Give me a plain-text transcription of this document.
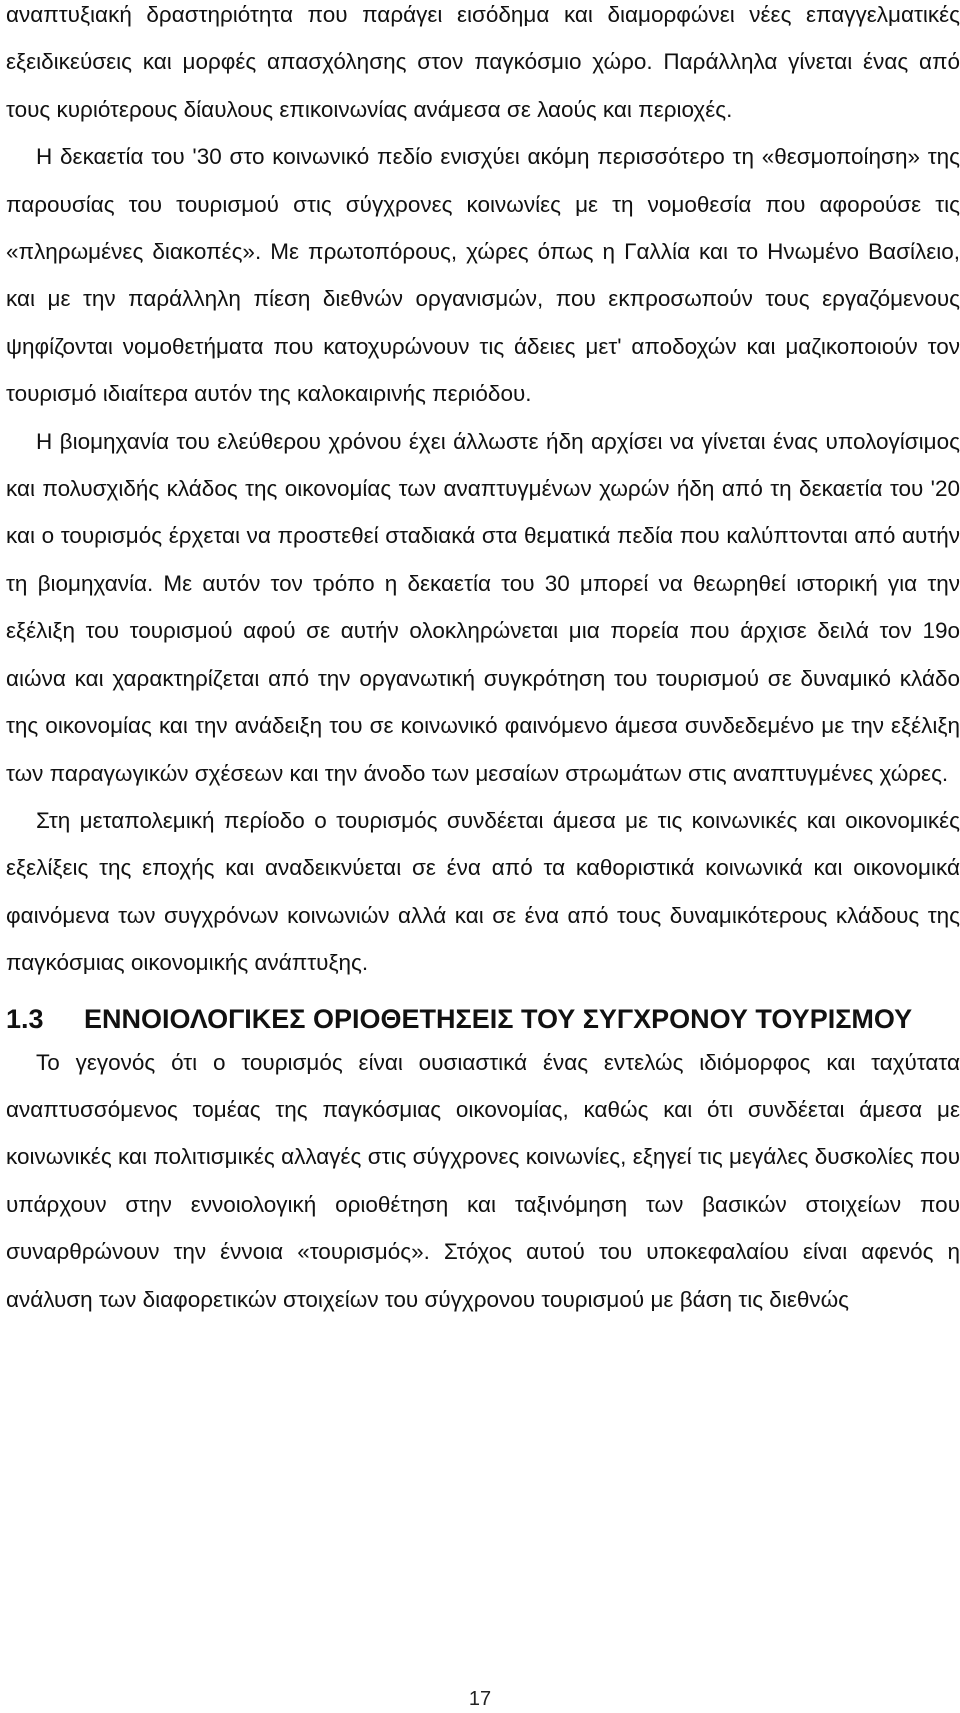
αναπτυξιακή δραστηριότητα που παράγει εισόδημα και διαμορφώνει νέες επαγγελματικές εξειδικεύσεις και μορφές απασχόλησης στον παγκόσμιο χώρο. Παράλληλα γίνεται ένας από τους κυριότερους δίαυλους επικοινωνίας ανάμεσα σε λαούς και περιοχές.

Η δεκαετία του '30 στο κοινωνικό πεδίο ενισχύει ακόμη περισσότερο τη «θεσμοποίηση» της παρουσίας του τουρισμού στις σύγχρονες κοινωνίες με τη νομοθεσία που αφορούσε τις «πληρωμένες διακοπές». Με πρωτοπόρους, χώρες όπως η Γαλλία και το Ηνωμένο Βασίλειο, και με την παράλληλη πίεση διεθνών οργανισμών, που εκπροσωπούν τους εργαζόμενους ψηφίζονται νομοθετήματα που κατοχυρώνουν τις άδειες μετ' αποδοχών και μαζικοποιούν τον τουρισμό ιδιαίτερα αυτόν της καλοκαιρινής περιόδου.

Η βιομηχανία του ελεύθερου χρόνου έχει άλλωστε ήδη αρχίσει να γίνεται ένας υπολογίσιμος και πολυσχιδής κλάδος της οικονομίας των αναπτυγμένων χωρών ήδη από τη δεκαετία του '20 και ο τουρισμός έρχεται να προστεθεί σταδιακά στα θεματικά πεδία που καλύπτονται από αυτήν τη βιομηχανία. Με αυτόν τον τρόπο η δεκαετία του 30 μπορεί να θεωρηθεί ιστορική για την εξέλιξη του τουρισμού αφού σε αυτήν ολοκληρώνεται μια πορεία που άρχισε δειλά τον 19ο αιώνα και χαρακτηρίζεται από την οργανωτική συγκρότηση του τουρισμού σε δυναμικό κλάδο της οικονομίας και την ανάδειξη του σε κοινωνικό φαινόμενο άμεσα συνδεδεμένο με την εξέλιξη των παραγωγικών σχέσεων και την άνοδο των μεσαίων στρωμάτων στις αναπτυγμένες χώρες.

Στη μεταπολεμική περίοδο ο τουρισμός συνδέεται άμεσα με τις κοινωνικές και οικονομικές εξελίξεις της εποχής και αναδεικνύεται σε ένα από τα καθοριστικά κοινωνικά και οικονομικά φαινόμενα των συγχρόνων κοινωνιών αλλά και σε ένα από τους δυναμικότερους κλάδους της παγκόσμιας οικονομικής ανάπτυξης.

1.3 ΕΝΝΟΙΟΛΟΓΙΚΕΣ ΟΡΙΟΘΕΤΗΣΕΙΣ ΤΟΥ ΣΥΓΧΡΟΝΟΥ ΤΟΥΡΙΣΜΟΥ

Το γεγονός ότι ο τουρισμός είναι ουσιαστικά ένας εντελώς ιδιόμορφος και ταχύτατα αναπτυσσόμενος τομέας της παγκόσμιας οικονομίας, καθώς και ότι συνδέεται άμεσα με κοινωνικές και πολιτισμικές αλλαγές στις σύγχρονες κοινωνίες, εξηγεί τις μεγάλες δυσκολίες που υπάρχουν στην εννοιολογική οριοθέτηση και ταξινόμηση των βασικών στοιχείων που συναρθρώνουν την έννοια «τουρισμός». Στόχος αυτού του υποκεφαλαίου είναι αφενός η ανάλυση των διαφορετικών στοιχείων του σύγχρονου τουρισμού με βάση τις διεθνώς

17
